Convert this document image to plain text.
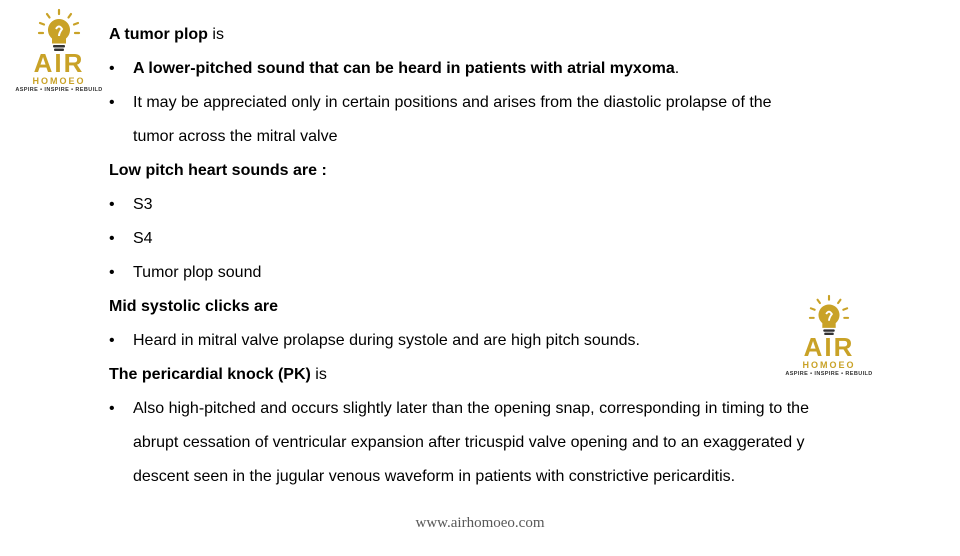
AIR
HOMOEO
ASPIRE • INSPIRE • REBUILD
A tumor plop is
• A lower-pitched sound that can be heard in patients with atrial myxoma.
• It may be appreciated only in certain positions and arises from the diastolic prolapse of the
tumor across the mitral valve
Low pitch heart sounds are :
• S3
• S4
• Tumor plop sound
Mid systolic clicks are
• Heard in mitral valve prolapse during systole and are high pitch sounds.
The pericardial knock (PK) is
• Also high-pitched and occurs slightly later than the opening snap, corresponding in timing to the
abrupt cessation of ventricular expansion after tricuspid valve opening and to an exaggerated y
descent seen in the jugular venous waveform in patients with constrictive pericarditis.
AIR
HOMOEO
ASPIRE • INSPIRE • REBUILD
www.airhomoeo.com
